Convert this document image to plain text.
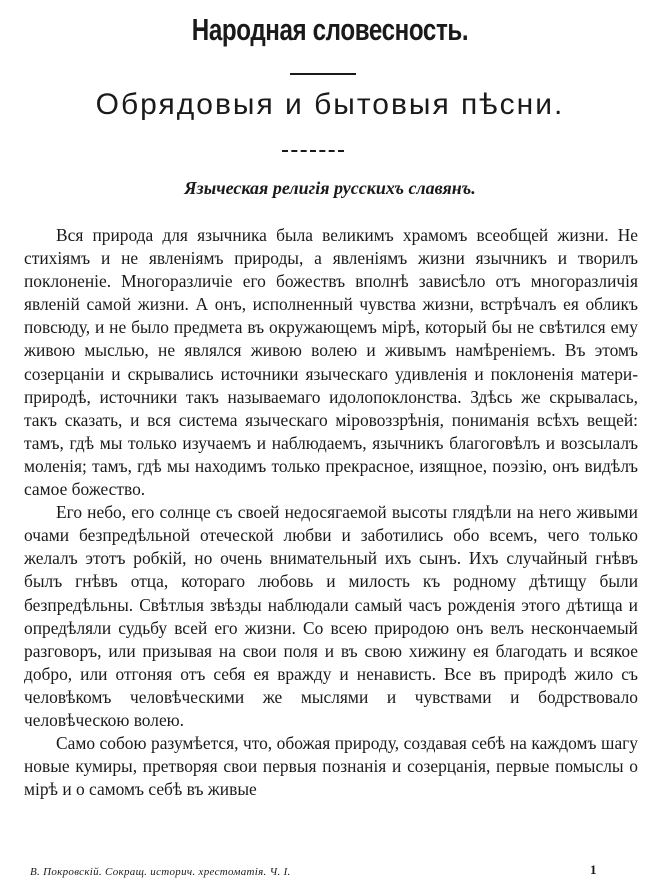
Народная словесность.
Обрядовыя и бытовыя пѣсни.
Языческая религія русскихъ славянъ.

Вся природа для язычника была великимъ храмомъ всеобщей жизни. Не стихіямъ и не явленіямъ природы, а явленіямъ жизни язычникъ и творилъ поклоненіе. Многоразличіе его божествъ вполнѣ зависѣло отъ многоразличія явленій самой жизни. А онъ, исполненный чувства жизни, встрѣчалъ ея обликъ повсюду, и не было предмета въ окружающемъ мірѣ, который бы не свѣтился ему живою мыслью, не являлся живою волею и живымъ намѣреніемъ. Въ этомъ созерцаніи и скрывались источники языческаго удивленія и поклоненія матери-природѣ, источники такъ называемаго идолопоклонства. Здѣсь же скрывалась, такъ сказать, и вся система языческаго міровоззрѣнія, пониманія всѣхъ вещей: тамъ, гдѣ мы только изучаемъ и наблюдаемъ, язычникъ благоговѣлъ и возсылалъ моленія; тамъ, гдѣ мы находимъ только прекрасное, изящное, поэзію, онъ видѣлъ самое божество.

Его небо, его солнце съ своей недосягаемой высоты глядѣли на него живыми очами безпредѣльной отеческой любви и заботились обо всемъ, чего только желалъ этотъ робкій, но очень внимательный ихъ сынъ. Ихъ случайный гнѣвъ былъ гнѣвъ отца, котораго любовь и милость къ родному дѣтищу были безпредѣльны. Свѣтлыя звѣзды наблюдали самый часъ рожденія этого дѣтища и опредѣляли судьбу всей его жизни. Со всею природою онъ велъ нескончаемый разговоръ, или призывая на свои поля и въ свою хижину ея благодать и всякое добро, или отгоняя отъ себя ея вражду и ненависть. Все въ природѣ жило съ человѣкомъ человѣческими же мыслями и чувствами и бодрствовало человѣческою волею.

Само собою разумѣется, что, обожая природу, создавая себѣ на каждомъ шагу новые кумиры, претворяя свои первыя познанія и созерцанія, первые помыслы о мірѣ и о самомъ себѣ въ живые

В. Покровскій. Сокращ. историч. хрестоматія. Ч. I.	1
